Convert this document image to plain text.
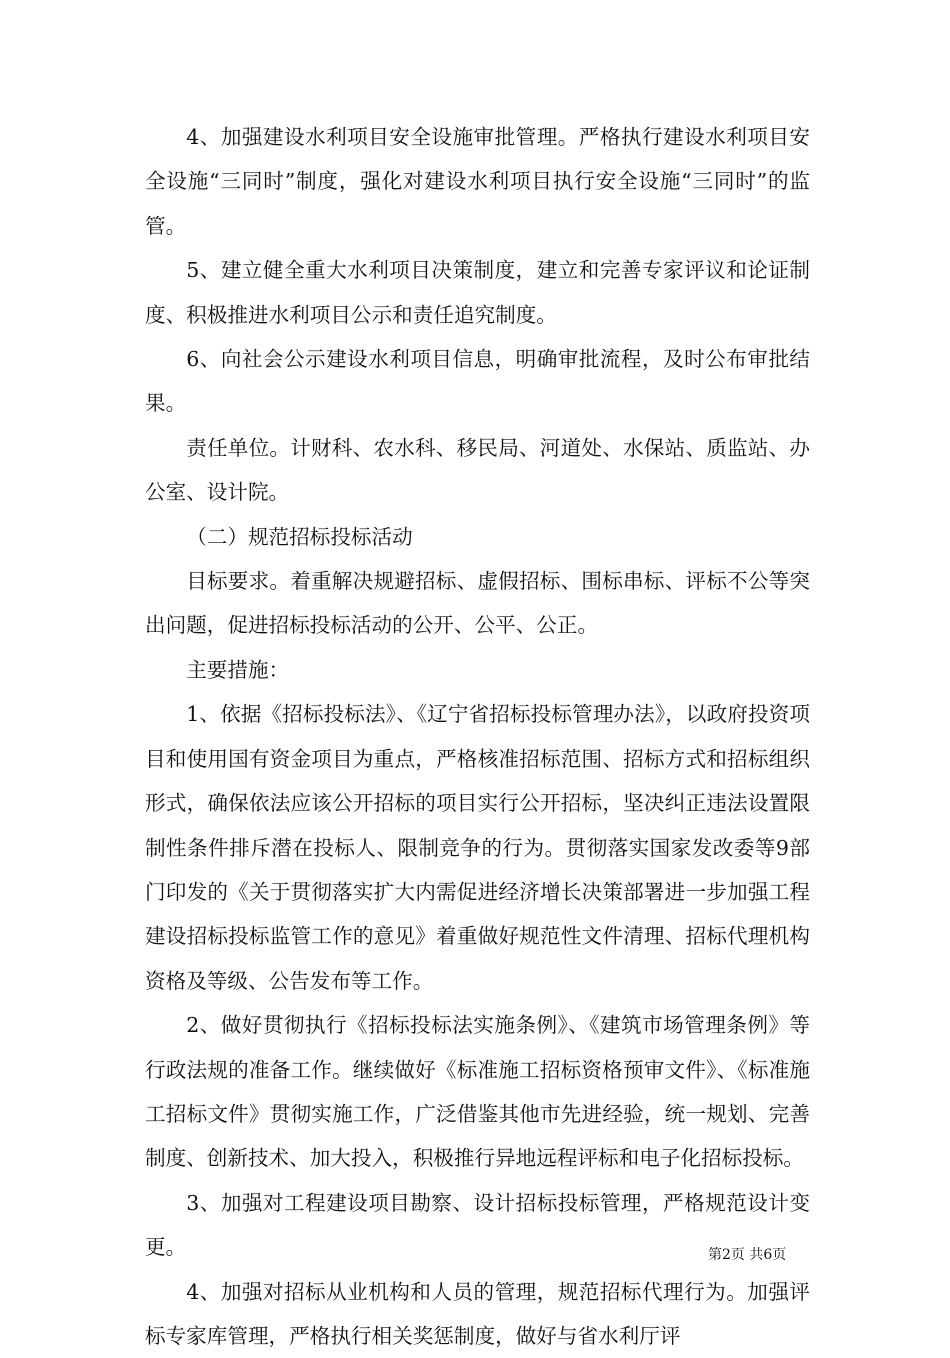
4、加强建设水利项目安全设施审批管理。严格执行建设水利项目安全设施“三同时”制度，强化对建设水利项目执行安全设施“三同时”的监管。

5、建立健全重大水利项目决策制度，建立和完善专家评议和论证制度、积极推进水利项目公示和责任追究制度。

6、向社会公示建设水利项目信息，明确审批流程，及时公布审批结果。

责任单位。计财科、农水科、移民局、河道处、水保站、质监站、办公室、设计院。

（二）规范招标投标活动

目标要求。着重解决规避招标、虚假招标、围标串标、评标不公等突出问题，促进招标投标活动的公开、公平、公正。

主要措施：

1、依据《招标投标法》、《辽宁省招标投标管理办法》，以政府投资项目和使用国有资金项目为重点，严格核准招标范围、招标方式和招标组织形式，确保依法应该公开招标的项目实行公开招标，坚决纠正违法设置限制性条件排斥潜在投标人、限制竞争的行为。贯彻落实国家发改委等9部门印发的《关于贯彻落实扩大内需促进经济增长决策部署进一步加强工程建设招标投标监管工作的意见》着重做好规范性文件清理、招标代理机构资格及等级、公告发布等工作。

2、做好贯彻执行《招标投标法实施条例》、《建筑市场管理条例》等行政法规的准备工作。继续做好《标准施工招标资格预审文件》、《标准施工招标文件》贯彻实施工作，广泛借鉴其他市先进经验，统一规划、完善制度、创新技术、加大投入，积极推行异地远程评标和电子化招标投标。

3、加强对工程建设项目勘察、设计招标投标管理，严格规范设计变更。

4、加强对招标从业机构和人员的管理，规范招标代理行为。加强评标专家库管理，严格执行相关奖惩制度，做好与省水利厅评

第2页 共6页
